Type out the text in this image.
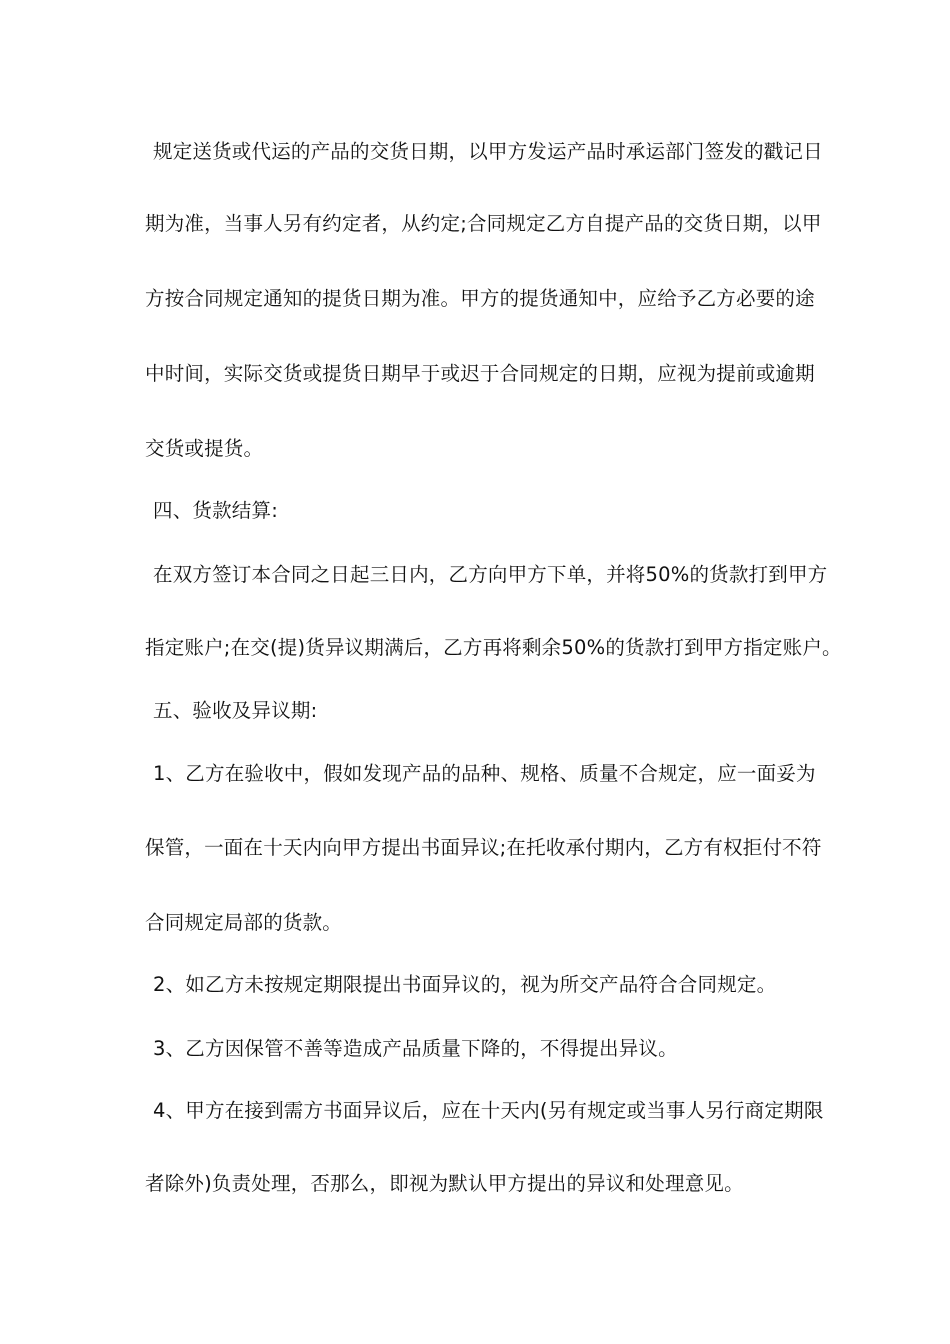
规定送货或代运的产品的交货日期，以甲方发运产品时承运部门签发的戳记日
期为准，当事人另有约定者，从约定;合同规定乙方自提产品的交货日期，以甲
方按合同规定通知的提货日期为准。甲方的提货通知中，应给予乙方必要的途
中时间，实际交货或提货日期早于或迟于合同规定的日期，应视为提前或逾期
交货或提货。
四、货款结算:
在双方签订本合同之日起三日内，乙方向甲方下单，并将50%的货款打到甲方
指定账户;在交(提)货异议期满后，乙方再将剩余50%的货款打到甲方指定账户。
五、验收及异议期:
1、乙方在验收中，假如发现产品的品种、规格、质量不合规定，应一面妥为
保管，一面在十天内向甲方提出书面异议;在托收承付期内，乙方有权拒付不符
合同规定局部的货款。
2、如乙方未按规定期限提出书面异议的，视为所交产品符合合同规定。
3、乙方因保管不善等造成产品质量下降的，不得提出异议。
4、甲方在接到需方书面异议后，应在十天内(另有规定或当事人另行商定期限
者除外)负责处理，否那么，即视为默认甲方提出的异议和处理意见。
